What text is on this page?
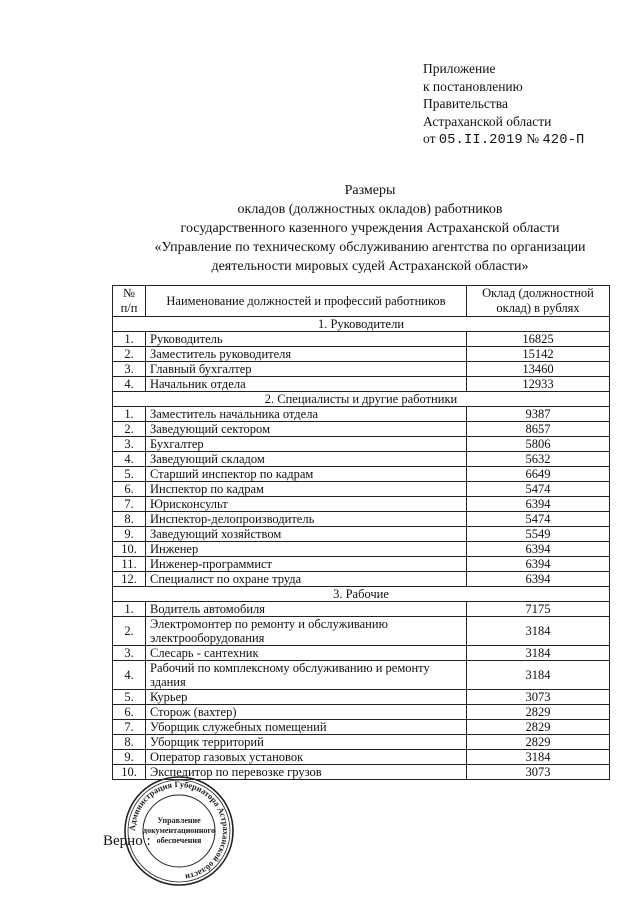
Приложение
к постановлению
Правительства
Астраханской области
от 05.II.2019 № 420-П
Размеры
окладов (должностных окладов) работников
государственного казенного учреждения Астраханской области
«Управление по техническому обслуживанию агентства по организации
деятельности мировых судей Астраханской области»
№ п/п	Наименование должностей и профессий работников	Оклад (должностной оклад) в рублях
1. Руководители		
1.	Руководитель	16825
2.	Заместитель руководителя	15142
3.	Главный бухгалтер	13460
4.	Начальник отдела	12933
2. Специалисты и другие работники		
1.	Заместитель начальника отдела	9387
2.	Заведующий сектором	8657
3.	Бухгалтер	5806
4.	Заведующий складом	5632
5.	Старший инспектор по кадрам	6649
6.	Инспектор по кадрам	5474
7.	Юрисконсульт	6394
8.	Инспектор-делопроизводитель	5474
9.	Заведующий хозяйством	5549
10.	Инженер	6394
11.	Инженер-программист	6394
12.	Специалист по охране труда	6394
3. Рабочие		
1.	Водитель автомобиля	7175
2.	Электромонтер по ремонту и обслуживанию электрооборудования	3184
3.	Слесарь - сантехник	3184
4.	Рабочий по комплексному обслуживанию и ремонту здания	3184
5.	Курьер	3073
6.	Сторож (вахтер)	2829
7.	Уборщик служебных помещений	2829
8.	Уборщик территорий	2829
9.	Оператор газовых установок	3184
10.	Экспедитор по перевозке грузов	3073
Администрация Губернатора Астраханской области
Управление
документационного
обеспечения
Верно :
